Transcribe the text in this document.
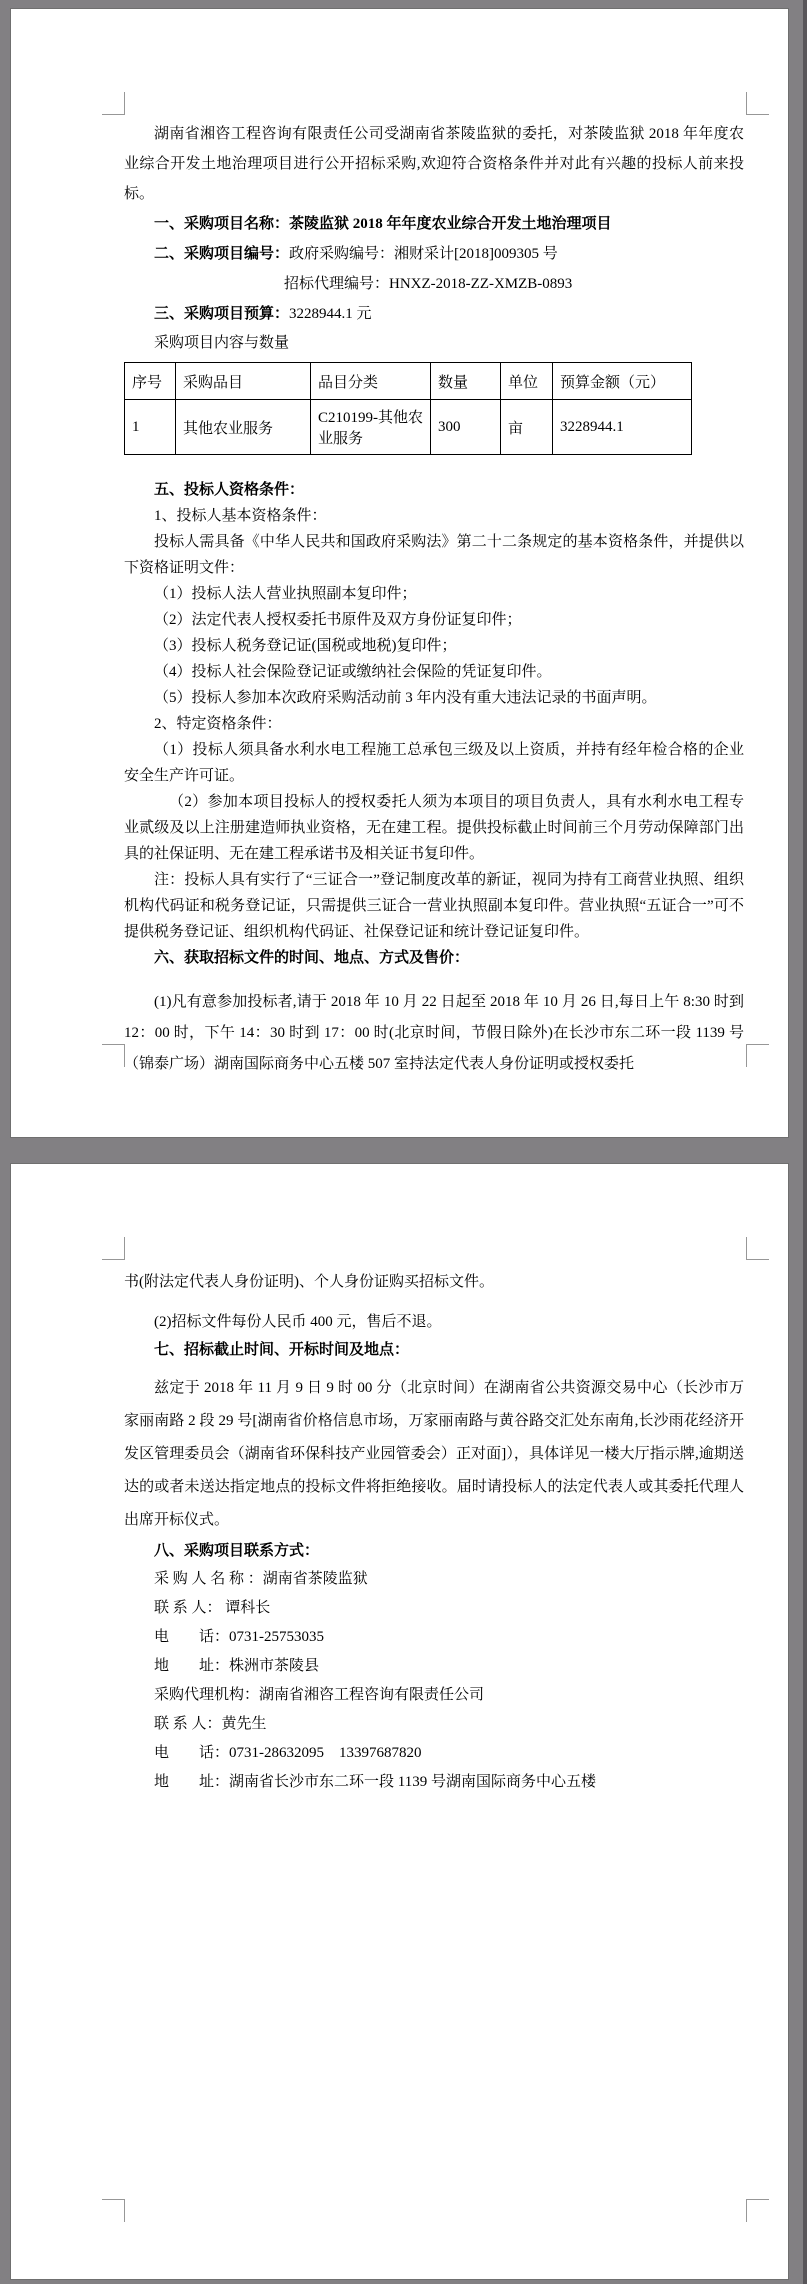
湖南省湘咨工程咨询有限责任公司受湖南省茶陵监狱的委托，对茶陵监狱 2018 年年度农业综合开发土地治理项目进行公开招标采购,欢迎符合资格条件并对此有兴趣的投标人前来投标。

一、采购项目名称：茶陵监狱 2018 年年度农业综合开发土地治理项目

二、采购项目编号：政府采购编号：湘财采计[2018]009305 号

招标代理编号：HNXZ-2018-ZZ-XMZB-0893

三、采购项目预算：3228944.1 元

采购项目内容与数量

序号	采购品目	品目分类	数量	单位	预算金额（元）
1	其他农业服务	C210199-其他农业服务	300	亩	3228944.1

五、投标人资格条件：

1、投标人基本资格条件：

投标人需具备《中华人民共和国政府采购法》第二十二条规定的基本资格条件，并提供以下资格证明文件：

（1）投标人法人营业执照副本复印件；

（2）法定代表人授权委托书原件及双方身份证复印件；

（3）投标人税务登记证(国税或地税)复印件；

（4）投标人社会保险登记证或缴纳社会保险的凭证复印件。

（5）投标人参加本次政府采购活动前 3 年内没有重大违法记录的书面声明。

2、特定资格条件：

（1）投标人须具备水利水电工程施工总承包三级及以上资质，并持有经年检合格的企业安全生产许可证。

（2）参加本项目投标人的授权委托人须为本项目的项目负责人，具有水利水电工程专业贰级及以上注册建造师执业资格，无在建工程。提供投标截止时间前三个月劳动保障部门出具的社保证明、无在建工程承诺书及相关证书复印件。

注：投标人具有实行了“三证合一”登记制度改革的新证，视同为持有工商营业执照、组织机构代码证和税务登记证，只需提供三证合一营业执照副本复印件。营业执照“五证合一”可不提供税务登记证、组织机构代码证、社保登记证和统计登记证复印件。

六、获取招标文件的时间、地点、方式及售价：

(1)凡有意参加投标者,请于 2018 年 10 月 22 日起至 2018 年 10 月 26 日,每日上午 8:30 时到 12：00 时，下午 14：30 时到 17：00 时(北京时间，节假日除外)在长沙市东二环一段 1139 号（锦泰广场）湖南国际商务中心五楼 507 室持法定代表人身份证明或授权委托

书(附法定代表人身份证明)、个人身份证购买招标文件。

(2)招标文件每份人民币 400 元，售后不退。

七、招标截止时间、开标时间及地点：

兹定于 2018 年 11 月 9 日 9 时 00 分（北京时间）在湖南省公共资源交易中心（长沙市万家丽南路 2 段 29 号[湖南省价格信息市场，万家丽南路与黄谷路交汇处东南角,长沙雨花经济开发区管理委员会（湖南省环保科技产业园管委会）正对面]），具体详见一楼大厅指示牌,逾期送达的或者未送达指定地点的投标文件将拒绝接收。届时请投标人的法定代表人或其委托代理人出席开标仪式。

八、采购项目联系方式：

采 购 人 名 称 ：湖南省茶陵监狱

联 系 人： 谭科长

电　　话：0731-25753035

地　　址：株洲市茶陵县

采购代理机构：湖南省湘咨工程咨询有限责任公司

联 系 人：黄先生

电　　话：0731-28632095　13397687820

地　　址：湖南省长沙市东二环一段 1139 号湖南国际商务中心五楼
